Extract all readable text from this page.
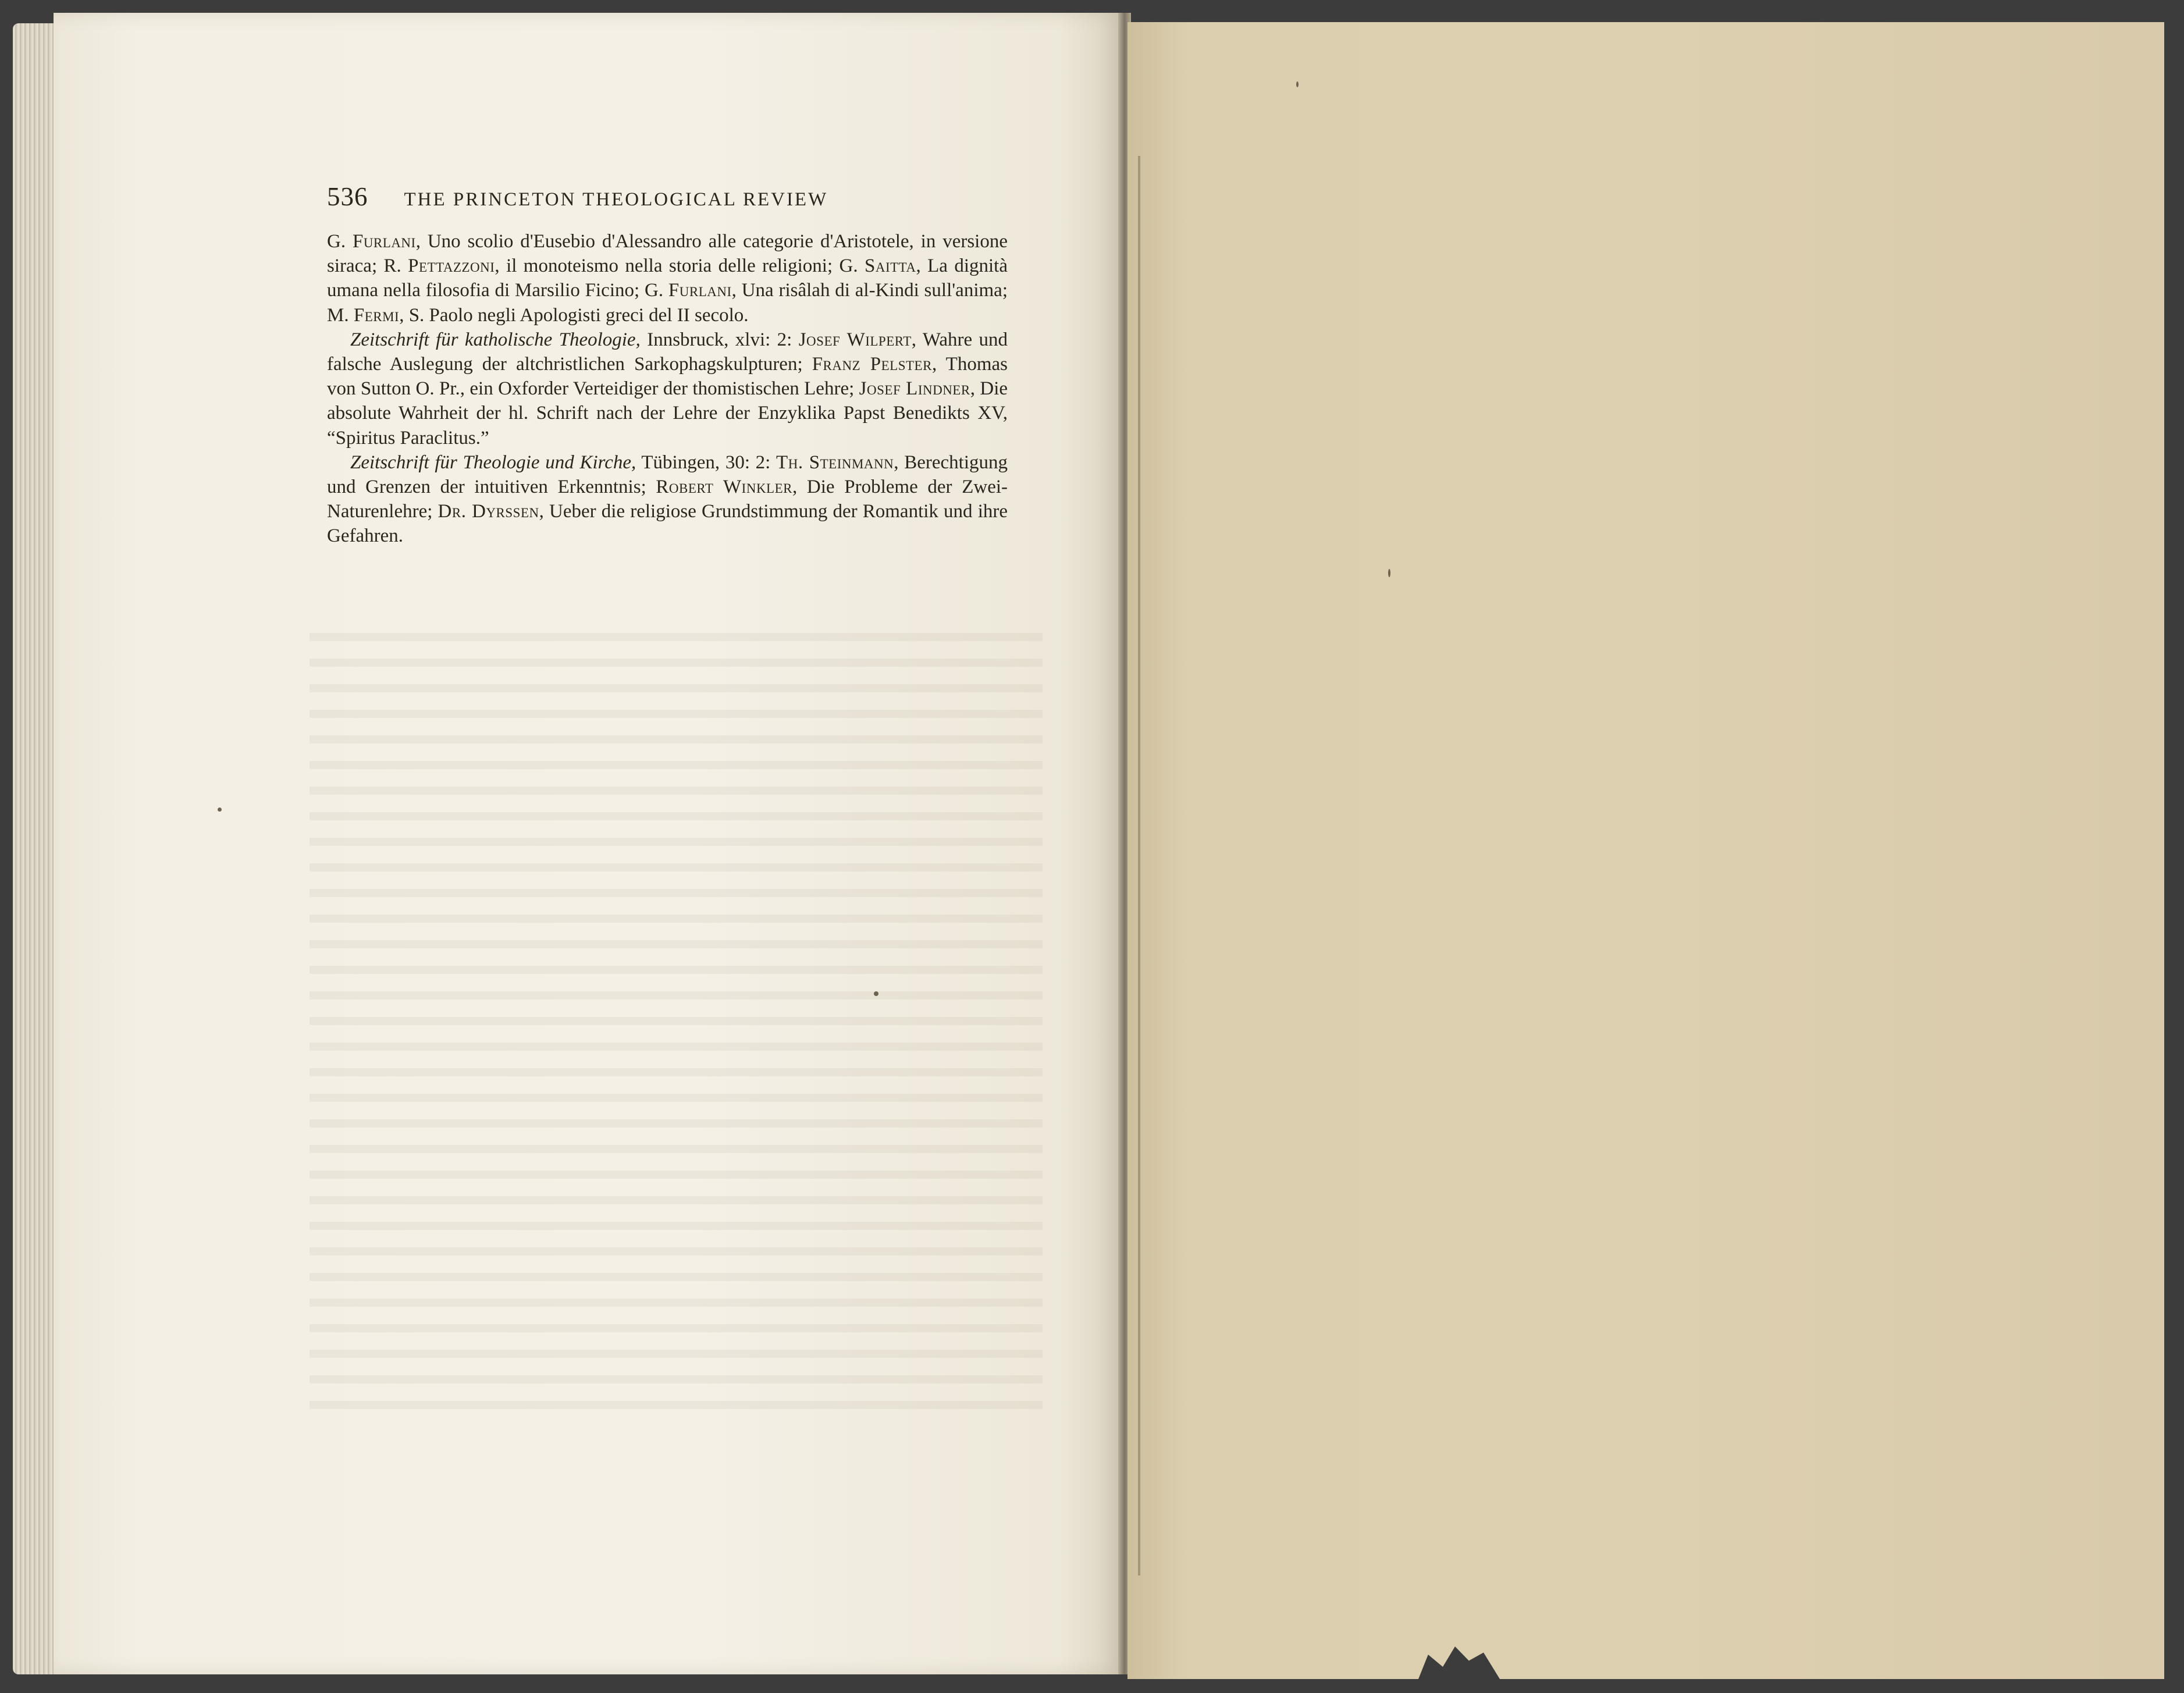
536 THE PRINCETON THEOLOGICAL REVIEW

G. Furlani, Uno scolio d'Eusebio d'Alessandro alle categorie d'Aristotele, in versione siraca; R. Pettazzoni, il monoteismo nella storia delle religioni; G. Saitta, La dignità umana nella filosofia di Marsilio Ficino; G. Furlani, Una risâlah di al-Kindi sull'anima; M. Fermi, S. Paolo negli Apologisti greci del II secolo.

Zeitschrift für katholische Theologie, Innsbruck, xlvi: 2: Josef Wilpert, Wahre und falsche Auslegung der altchristlichen Sarkophagskulpturen; Franz Pelster, Thomas von Sutton O. Pr., ein Oxforder Verteidiger der thomistischen Lehre; Josef Lindner, Die absolute Wahrheit der hl. Schrift nach der Lehre der Enzyklika Papst Benedikts XV, “Spiritus Paraclitus.”

Zeitschrift für Theologie und Kirche, Tübingen, 30: 2: Th. Steinmann, Berechtigung und Grenzen der intuitiven Erkenntnis; Robert Winkler, Die Probleme der Zwei-Naturenlehre; Dr. Dyrssen, Ueber die religiose Grundstimmung der Romantik und ihre Gefahren.
